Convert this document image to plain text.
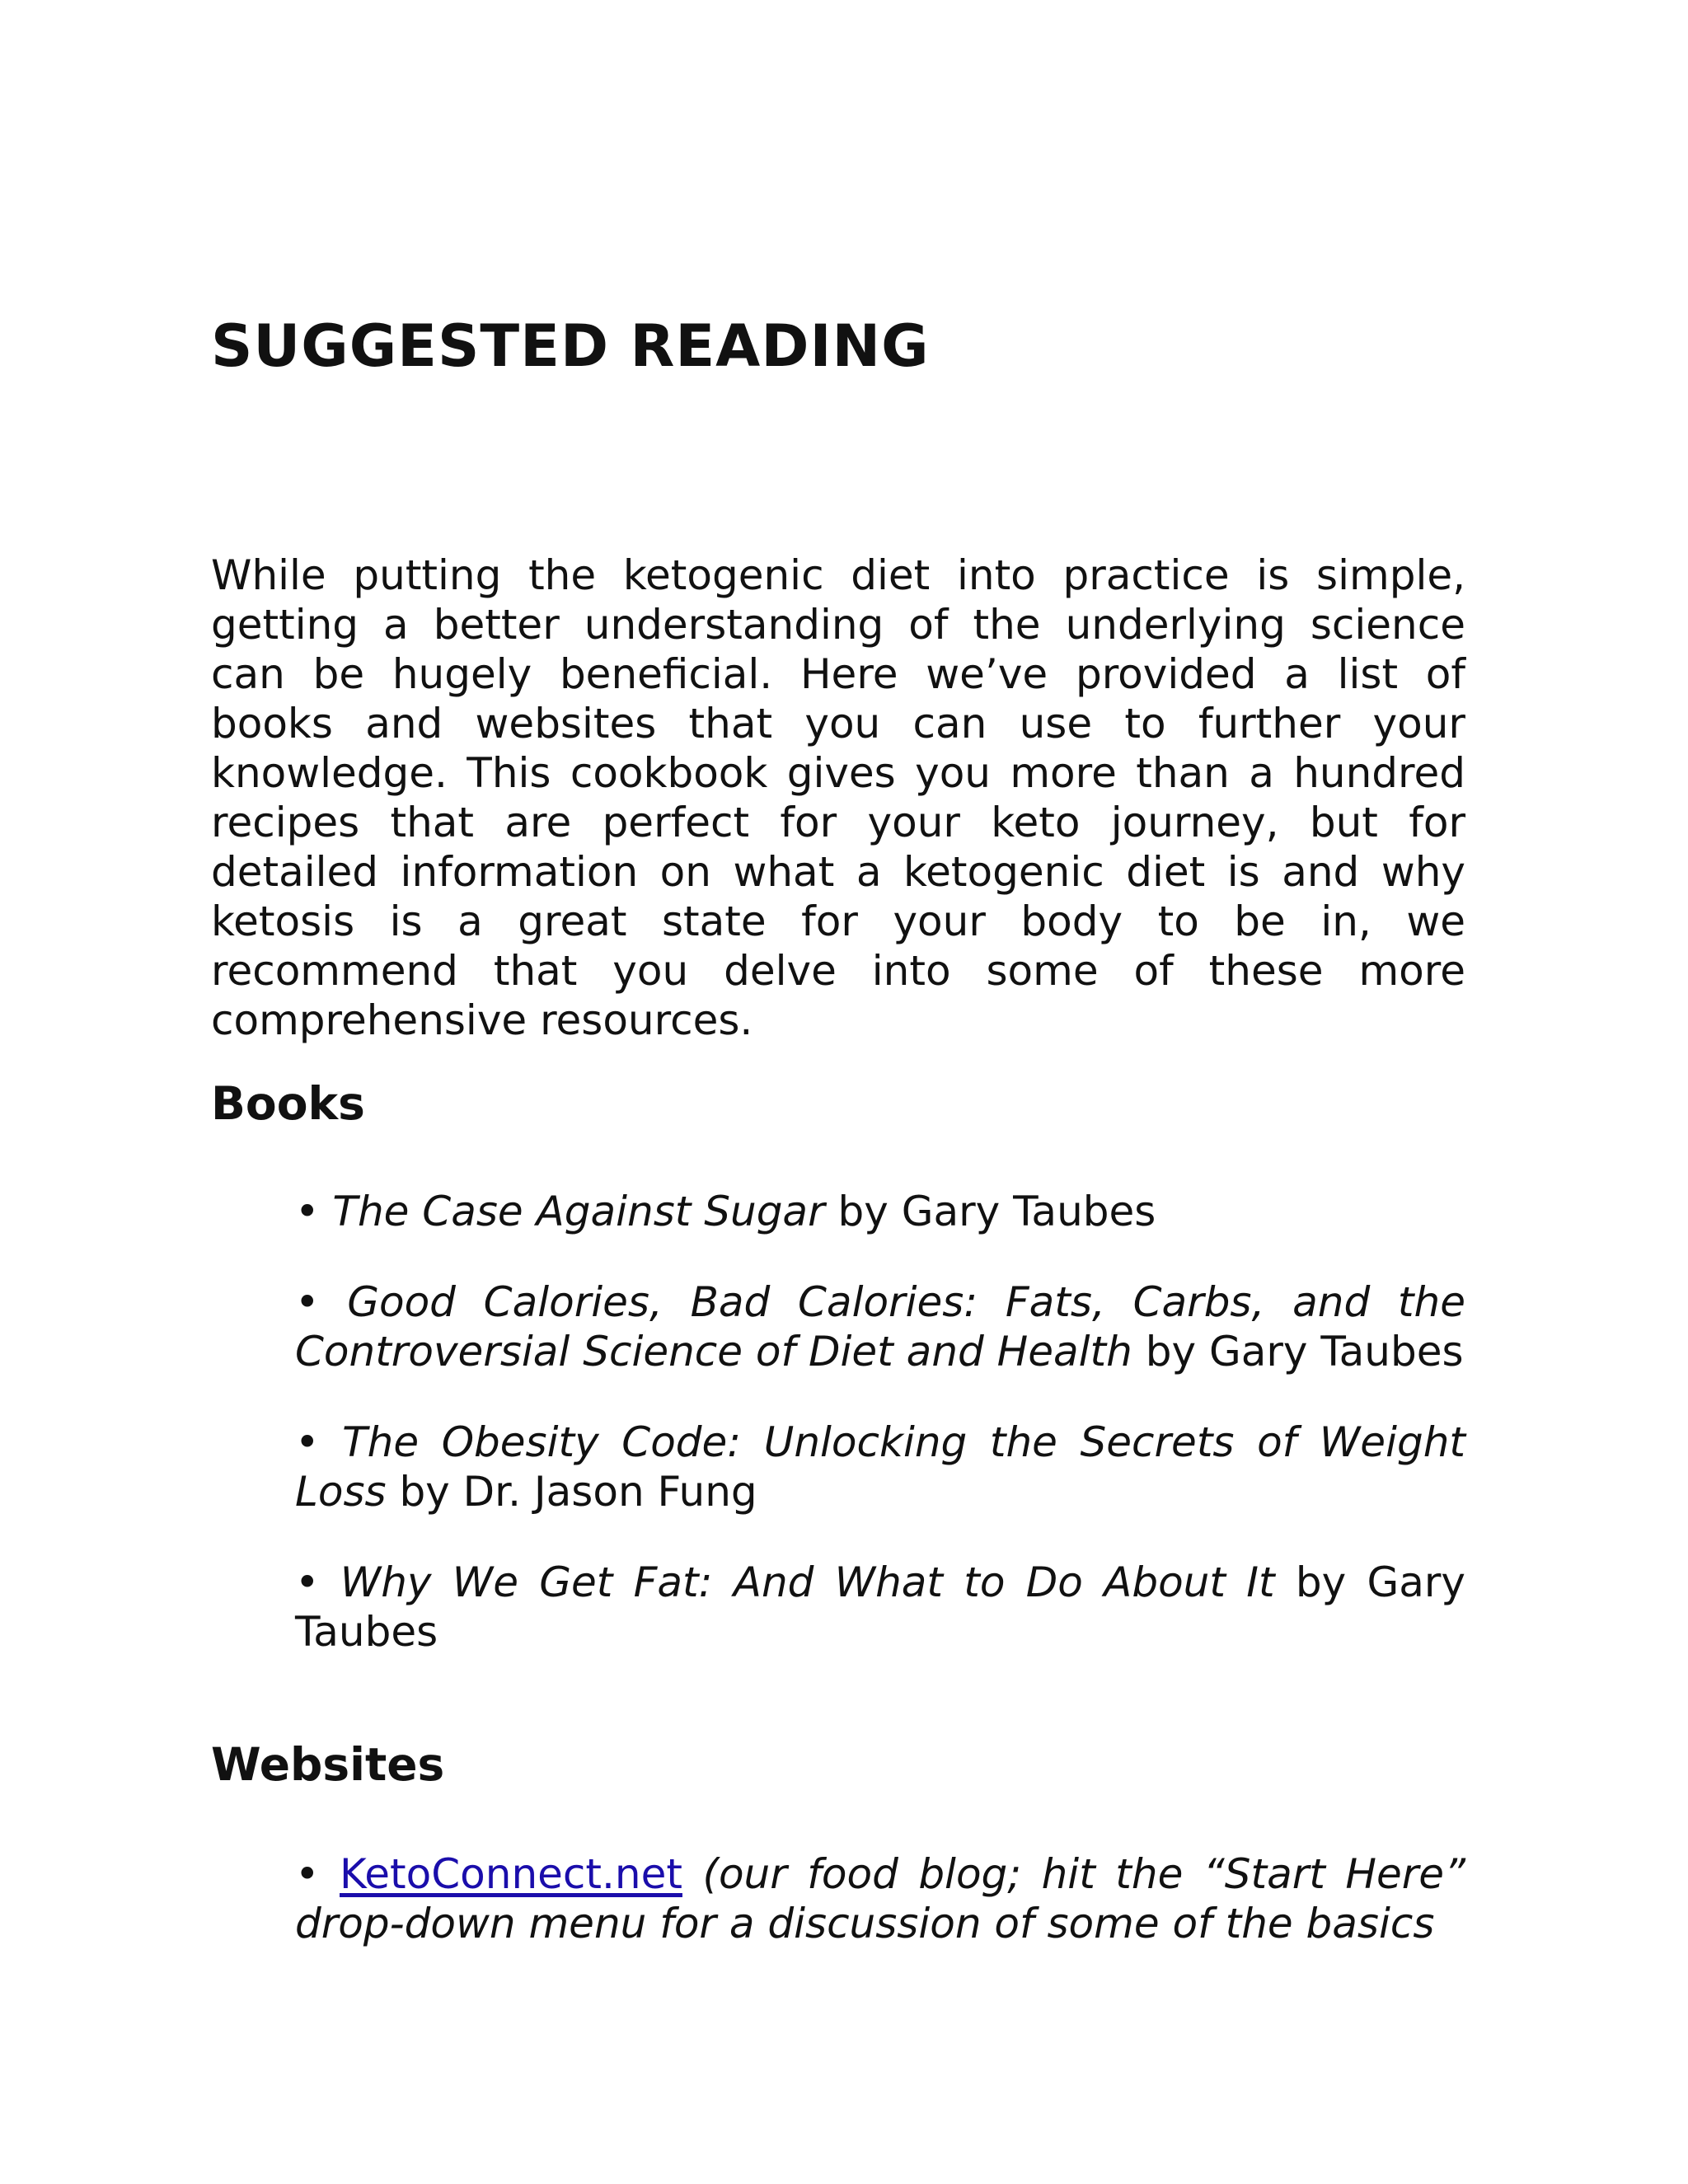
SUGGESTED READING

While putting the ketogenic diet into practice is simple, getting a better understanding of the underlying science can be hugely beneficial. Here we’ve provided a list of books and websites that you can use to further your knowledge. This cookbook gives you more than a hundred recipes that are perfect for your keto journey, but for detailed information on what a ketogenic diet is and why ketosis is a great state for your body to be in, we recommend that you delve into some of these more comprehensive resources.

Books
• The Case Against Sugar by Gary Taubes
• Good Calories, Bad Calories: Fats, Carbs, and the Controversial Science of Diet and Health by Gary Taubes
• The Obesity Code: Unlocking the Secrets of Weight Loss by Dr. Jason Fung
• Why We Get Fat: And What to Do About It by Gary Taubes
Websites
• KetoConnect.net (our food blog; hit the “Start Here” drop-down menu for a discussion of some of the basics
